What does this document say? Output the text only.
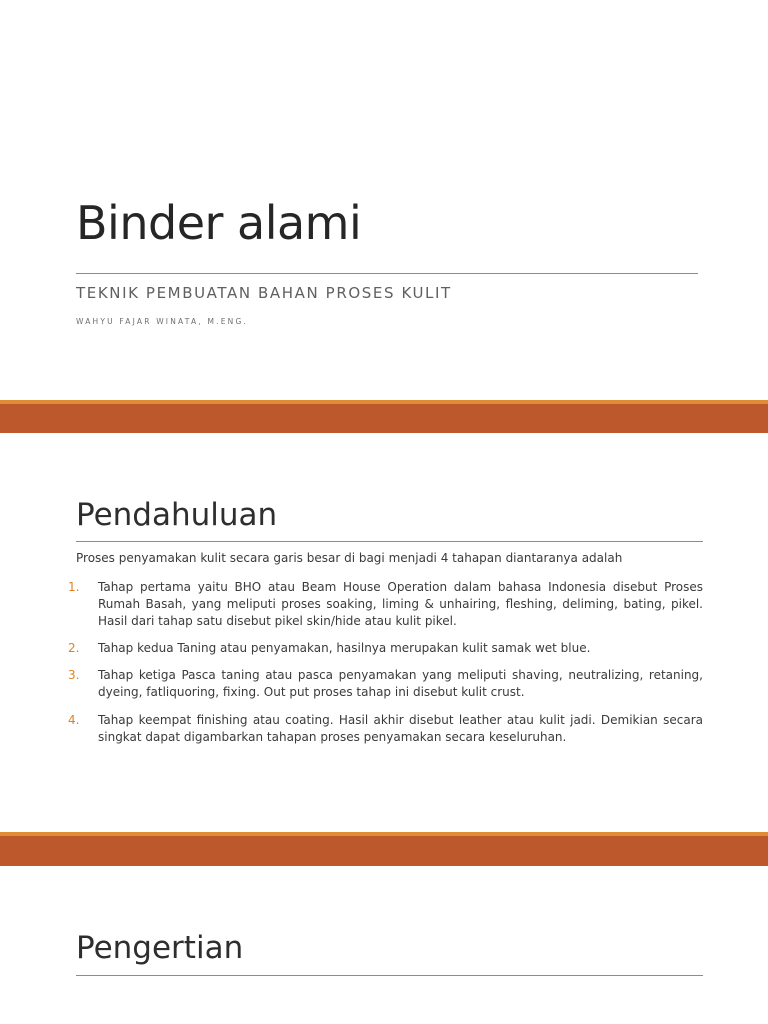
Binder alami
TEKNIK PEMBUATAN BAHAN PROSES KULIT
WAHYU FAJAR WINATA, M.ENG.
Pendahuluan
Proses penyamakan kulit secara garis besar di bagi menjadi 4 tahapan diantaranya adalah
1. Tahap pertama yaitu BHO atau Beam House Operation dalam bahasa Indonesia disebut Proses Rumah Basah, yang meliputi proses soaking, liming & unhairing, fleshing, deliming, bating, pikel. Hasil dari tahap satu disebut pikel skin/hide atau kulit pikel.
2. Tahap kedua Taning atau penyamakan, hasilnya merupakan kulit samak wet blue.
3. Tahap ketiga Pasca taning atau pasca penyamakan yang meliputi shaving, neutralizing, retaning, dyeing, fatliquoring, fixing. Out put proses tahap ini disebut kulit crust.
4. Tahap keempat finishing atau coating. Hasil akhir disebut leather atau kulit jadi. Demikian secara singkat dapat digambarkan tahapan proses penyamakan secara keseluruhan.
Pengertian
